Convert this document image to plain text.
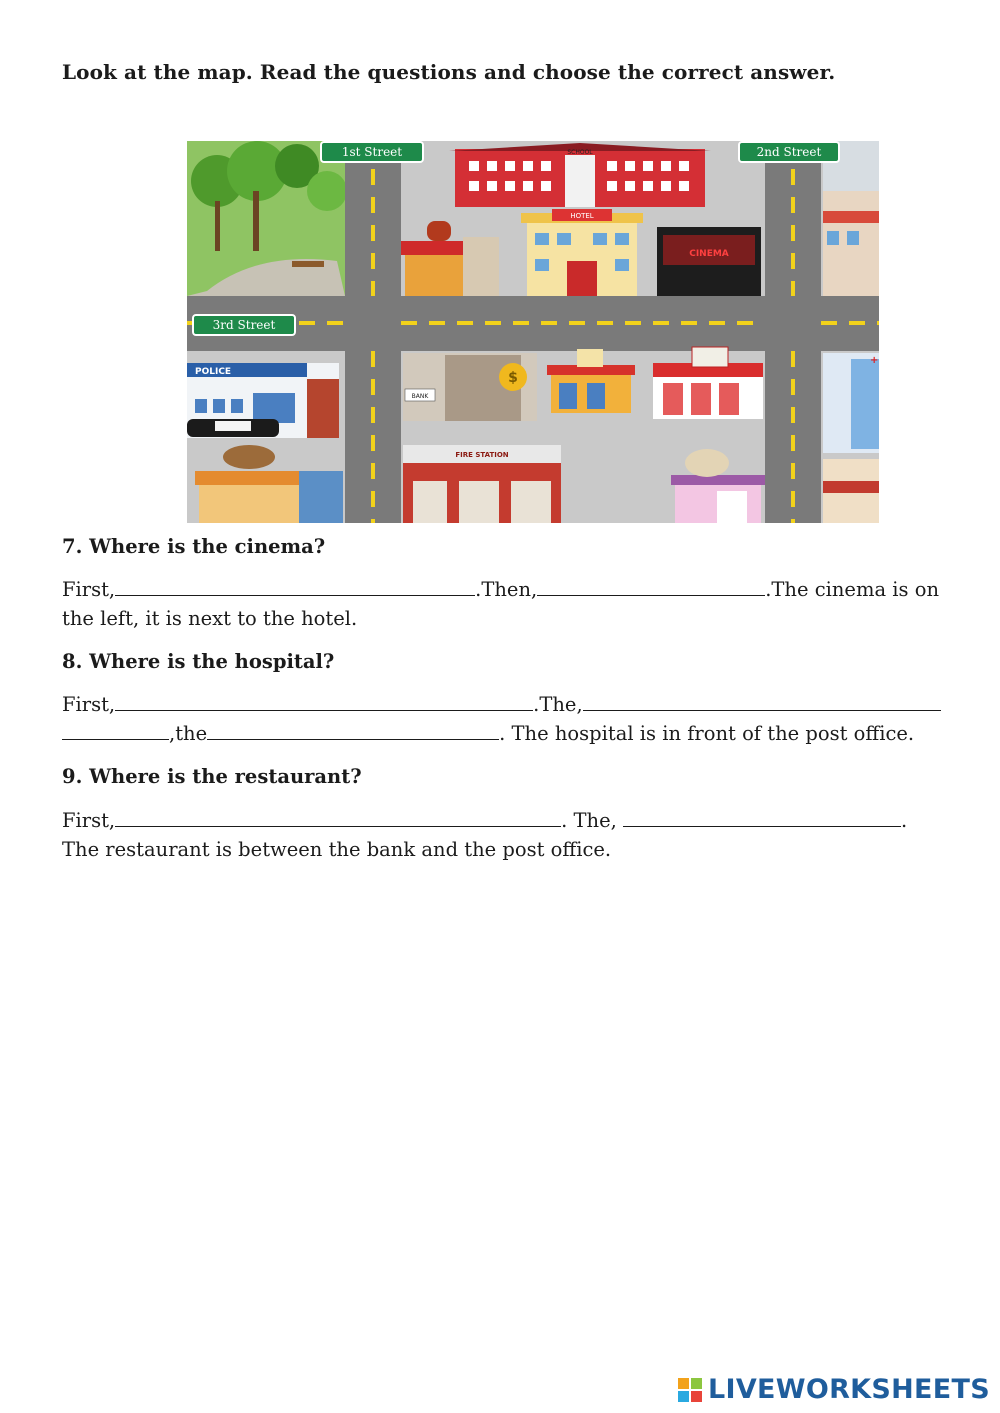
Look at the map. Read the questions and choose the correct answer.
SCHOOL
HOTEL
CINEMA
POLICE	$
BANK
+
FIRE STATION
1st Street	2nd Street
3rd Street
7. Where is the cinema?
First,	.Then,	.The cinema is on
the left, it is next to the hotel.
8. Where is the hospital?
First,	.The,
,the	. The hospital is in front of the post office.
9. Where is the restaurant?
First,	. The,	.
The restaurant is between the bank and the post office.
LIVEWORKSHEETS
